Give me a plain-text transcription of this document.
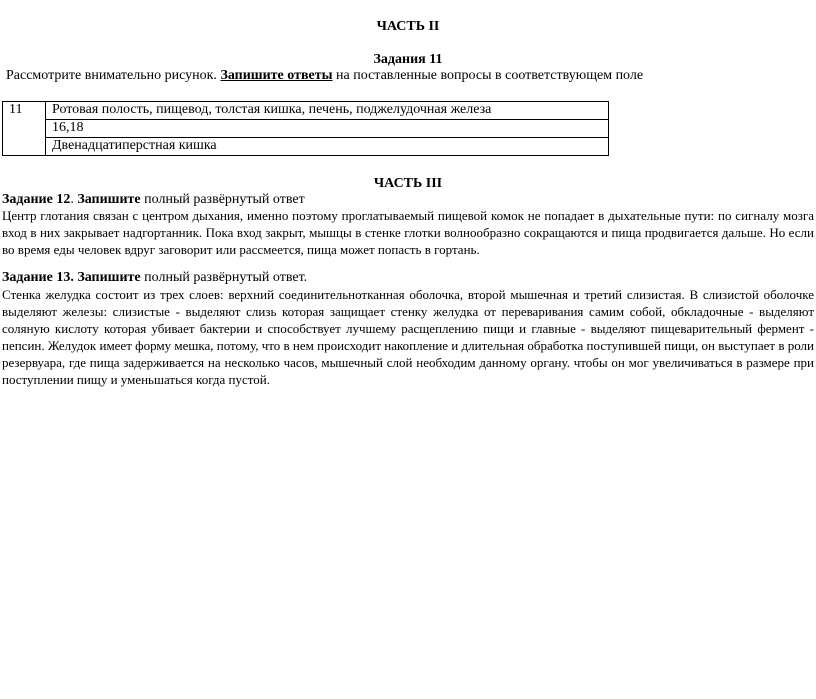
ЧАСТЬ II
Задания 11
Рассмотрите внимательно рисунок. Запишите ответы на поставленные вопросы в соответствующем поле
11	Ротовая полость, пищевод, толстая кишка, печень, поджелудочная железа
16,18
Двенадцатиперстная кишка
ЧАСТЬ III
Задание 12. Запишите полный развёрнутый ответ
Центр глотания связан с центром дыхания, именно поэтому проглатываемый пищевой комок не попадает в дыхательные пути: по сигналу мозга вход в них закрывает надгортанник. Пока вход закрыт, мышцы в стенке глотки волнообразно сокращаются и пища продвигается дальше. Но если во время еды человек вдруг заговорит или рассмеется, пища может попасть в гортань.
Задание 13. Запишите полный развёрнутый ответ.
Стенка желудка состоит из трех слоев: верхний соединительнотканная оболочка, второй мышечная и третий слизистая. В слизистой оболочке выделяют железы: слизистые - выделяют слизь которая защищает стенку желудка от переваривания самим собой, обкладочные - выделяют соляную кислоту которая убивает бактерии и способствует лучшему расщеплению пищи и главные - выделяют пищеварительный фермент - пепсин. Желудок имеет форму мешка, потому, что в нем происходит накопление и длительная обработка поступившей пищи, он выступает в роли резервуара, где пища задерживается на несколько часов, мышечный слой необходим данному органу. чтобы он мог увеличиваться в размере при поступлении пищу и уменьшаться когда пустой.
